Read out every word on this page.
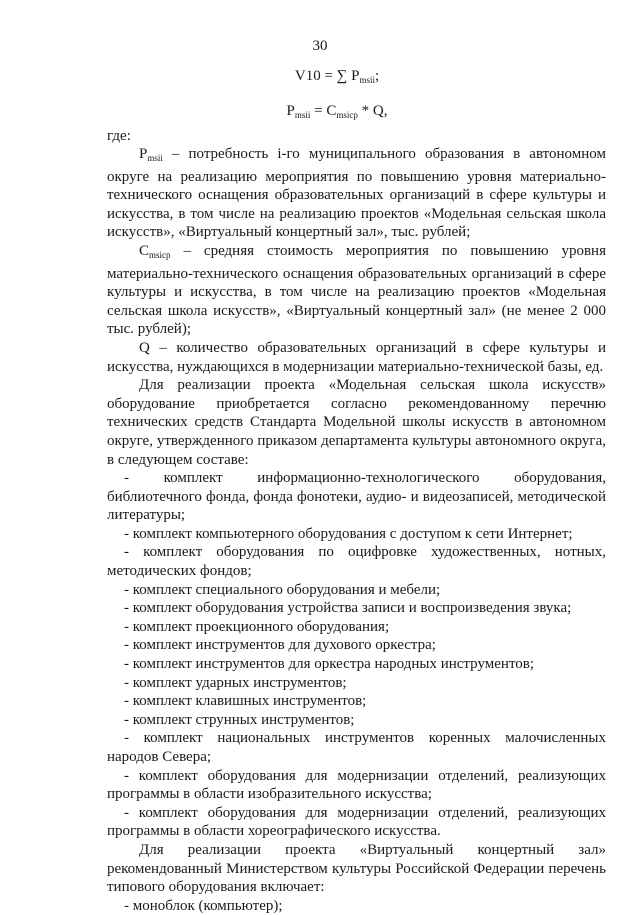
30
V10 = ∑ $P_{msii}$;
$P_{msii} = C_{msicp} * Q$,
где:

$P_{msii}$ – потребность i-го муниципального образования в автономном округе на реализацию мероприятия по повышению уровня материально-технического оснащения образовательных организаций в сфере культуры и искусства, в том числе на реализацию проектов «Модельная сельская школа искусств», «Виртуальный концертный зал», тыс. рублей;

$C_{msicp}$ – средняя стоимость мероприятия по повышению уровня материально-технического оснащения образовательных организаций в сфере культуры и искусства, в том числе на реализацию проектов «Модельная сельская школа искусств», «Виртуальный концертный зал» (не менее 2 000 тыс. рублей);

Q – количество образовательных организаций в сфере культуры и искусства, нуждающихся в модернизации материально-технической базы, ед.

Для реализации проекта «Модельная сельская школа искусств» оборудование приобретается согласно рекомендованному перечню технических средств Стандарта Модельной школы искусств в автономном округе, утвержденного приказом департамента культуры автономного округа, в следующем составе:

- комплект информационно-технологического оборудования, библиотечного фонда, фонда фонотеки, аудио- и видеозаписей, методической литературы;

- комплект компьютерного оборудования с доступом к сети Интернет;

- комплект оборудования по оцифровке художественных, нотных, методических фондов;

- комплект специального оборудования и мебели;

- комплект оборудования устройства записи и воспроизведения звука;

- комплект проекционного оборудования;

- комплект инструментов для духового оркестра;

- комплект инструментов для оркестра народных инструментов;

- комплект ударных инструментов;

- комплект клавишных инструментов;

- комплект струнных инструментов;

- комплект национальных инструментов коренных малочисленных народов Севера;

- комплект оборудования для модернизации отделений, реализующих программы в области изобразительного искусства;

- комплект оборудования для модернизации отделений, реализующих программы в области хореографического искусства.

Для реализации проекта «Виртуальный концертный зал» рекомендованный Министерством культуры Российской Федерации перечень типового оборудования включает:

- моноблок (компьютер);
